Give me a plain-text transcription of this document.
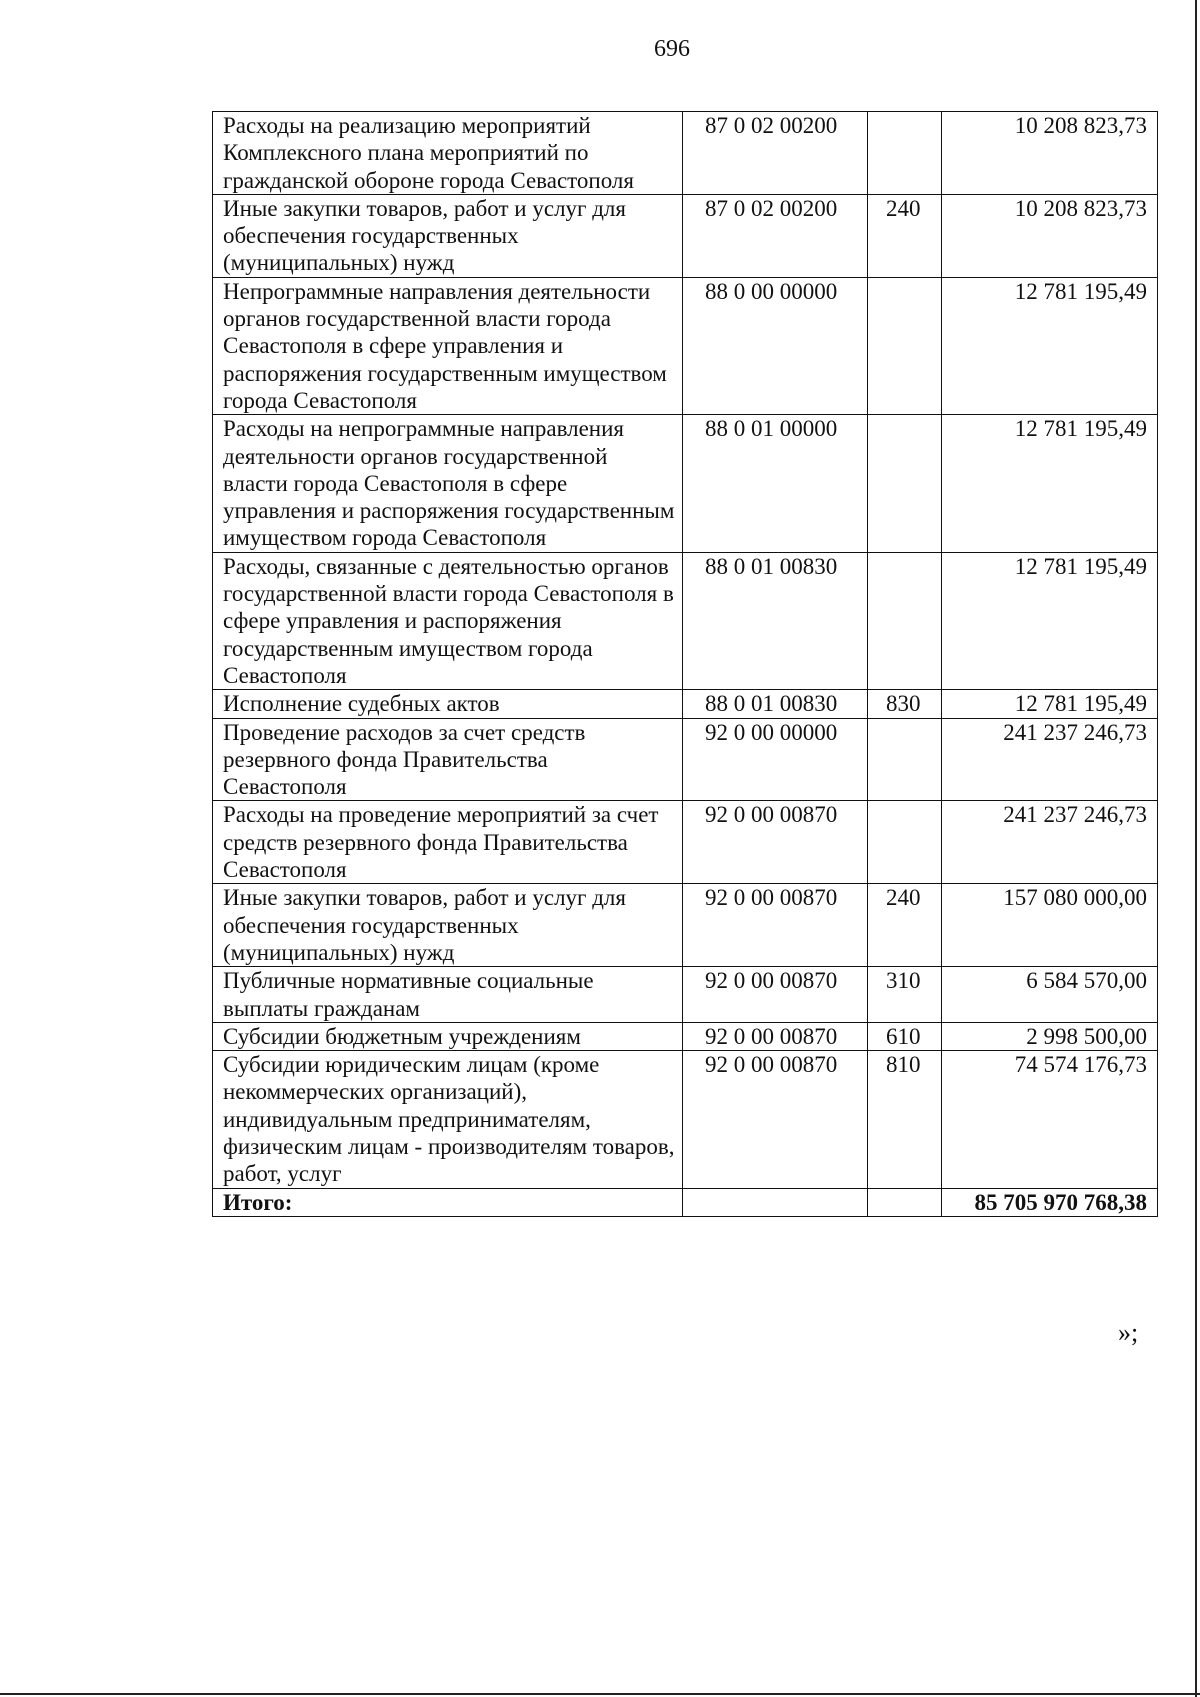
696
Расходы на реализацию мероприятий Комплексного плана мероприятий по гражданской обороне города Севастополя	87 0 02 00200		10 208 823,73
Иные закупки товаров, работ и услуг для обеспечения государственных (муниципальных) нужд	87 0 02 00200	240	10 208 823,73
Непрограммные направления деятельности органов государственной власти города Севастополя в сфере управления и распоряжения государственным имуществом города Севастополя	88 0 00 00000		12 781 195,49
Расходы на непрограммные направления деятельности органов государственной власти города Севастополя в сфере управления и распоряжения государственным имуществом города Севастополя	88 0 01 00000		12 781 195,49
Расходы, связанные с деятельностью органов государственной власти города Севастополя в сфере управления и распоряжения государственным имуществом города Севастополя	88 0 01 00830		12 781 195,49
Исполнение судебных актов	88 0 01 00830	830	12 781 195,49
Проведение расходов за счет средств резервного фонда Правительства Севастополя	92 0 00 00000		241 237 246,73
Расходы на проведение мероприятий за счет средств резервного фонда Правительства Севастополя	92 0 00 00870		241 237 246,73
Иные закупки товаров, работ и услуг для обеспечения государственных (муниципальных) нужд	92 0 00 00870	240	157 080 000,00
Публичные нормативные социальные выплаты гражданам	92 0 00 00870	310	6 584 570,00
Субсидии бюджетным учреждениям	92 0 00 00870	610	2 998 500,00
Субсидии юридическим лицам (кроме некоммерческих организаций), индивидуальным предпринимателям, физическим лицам - производителям товаров, работ, услуг	92 0 00 00870	810	74 574 176,73
Итого:			85 705 970 768,38
»;
